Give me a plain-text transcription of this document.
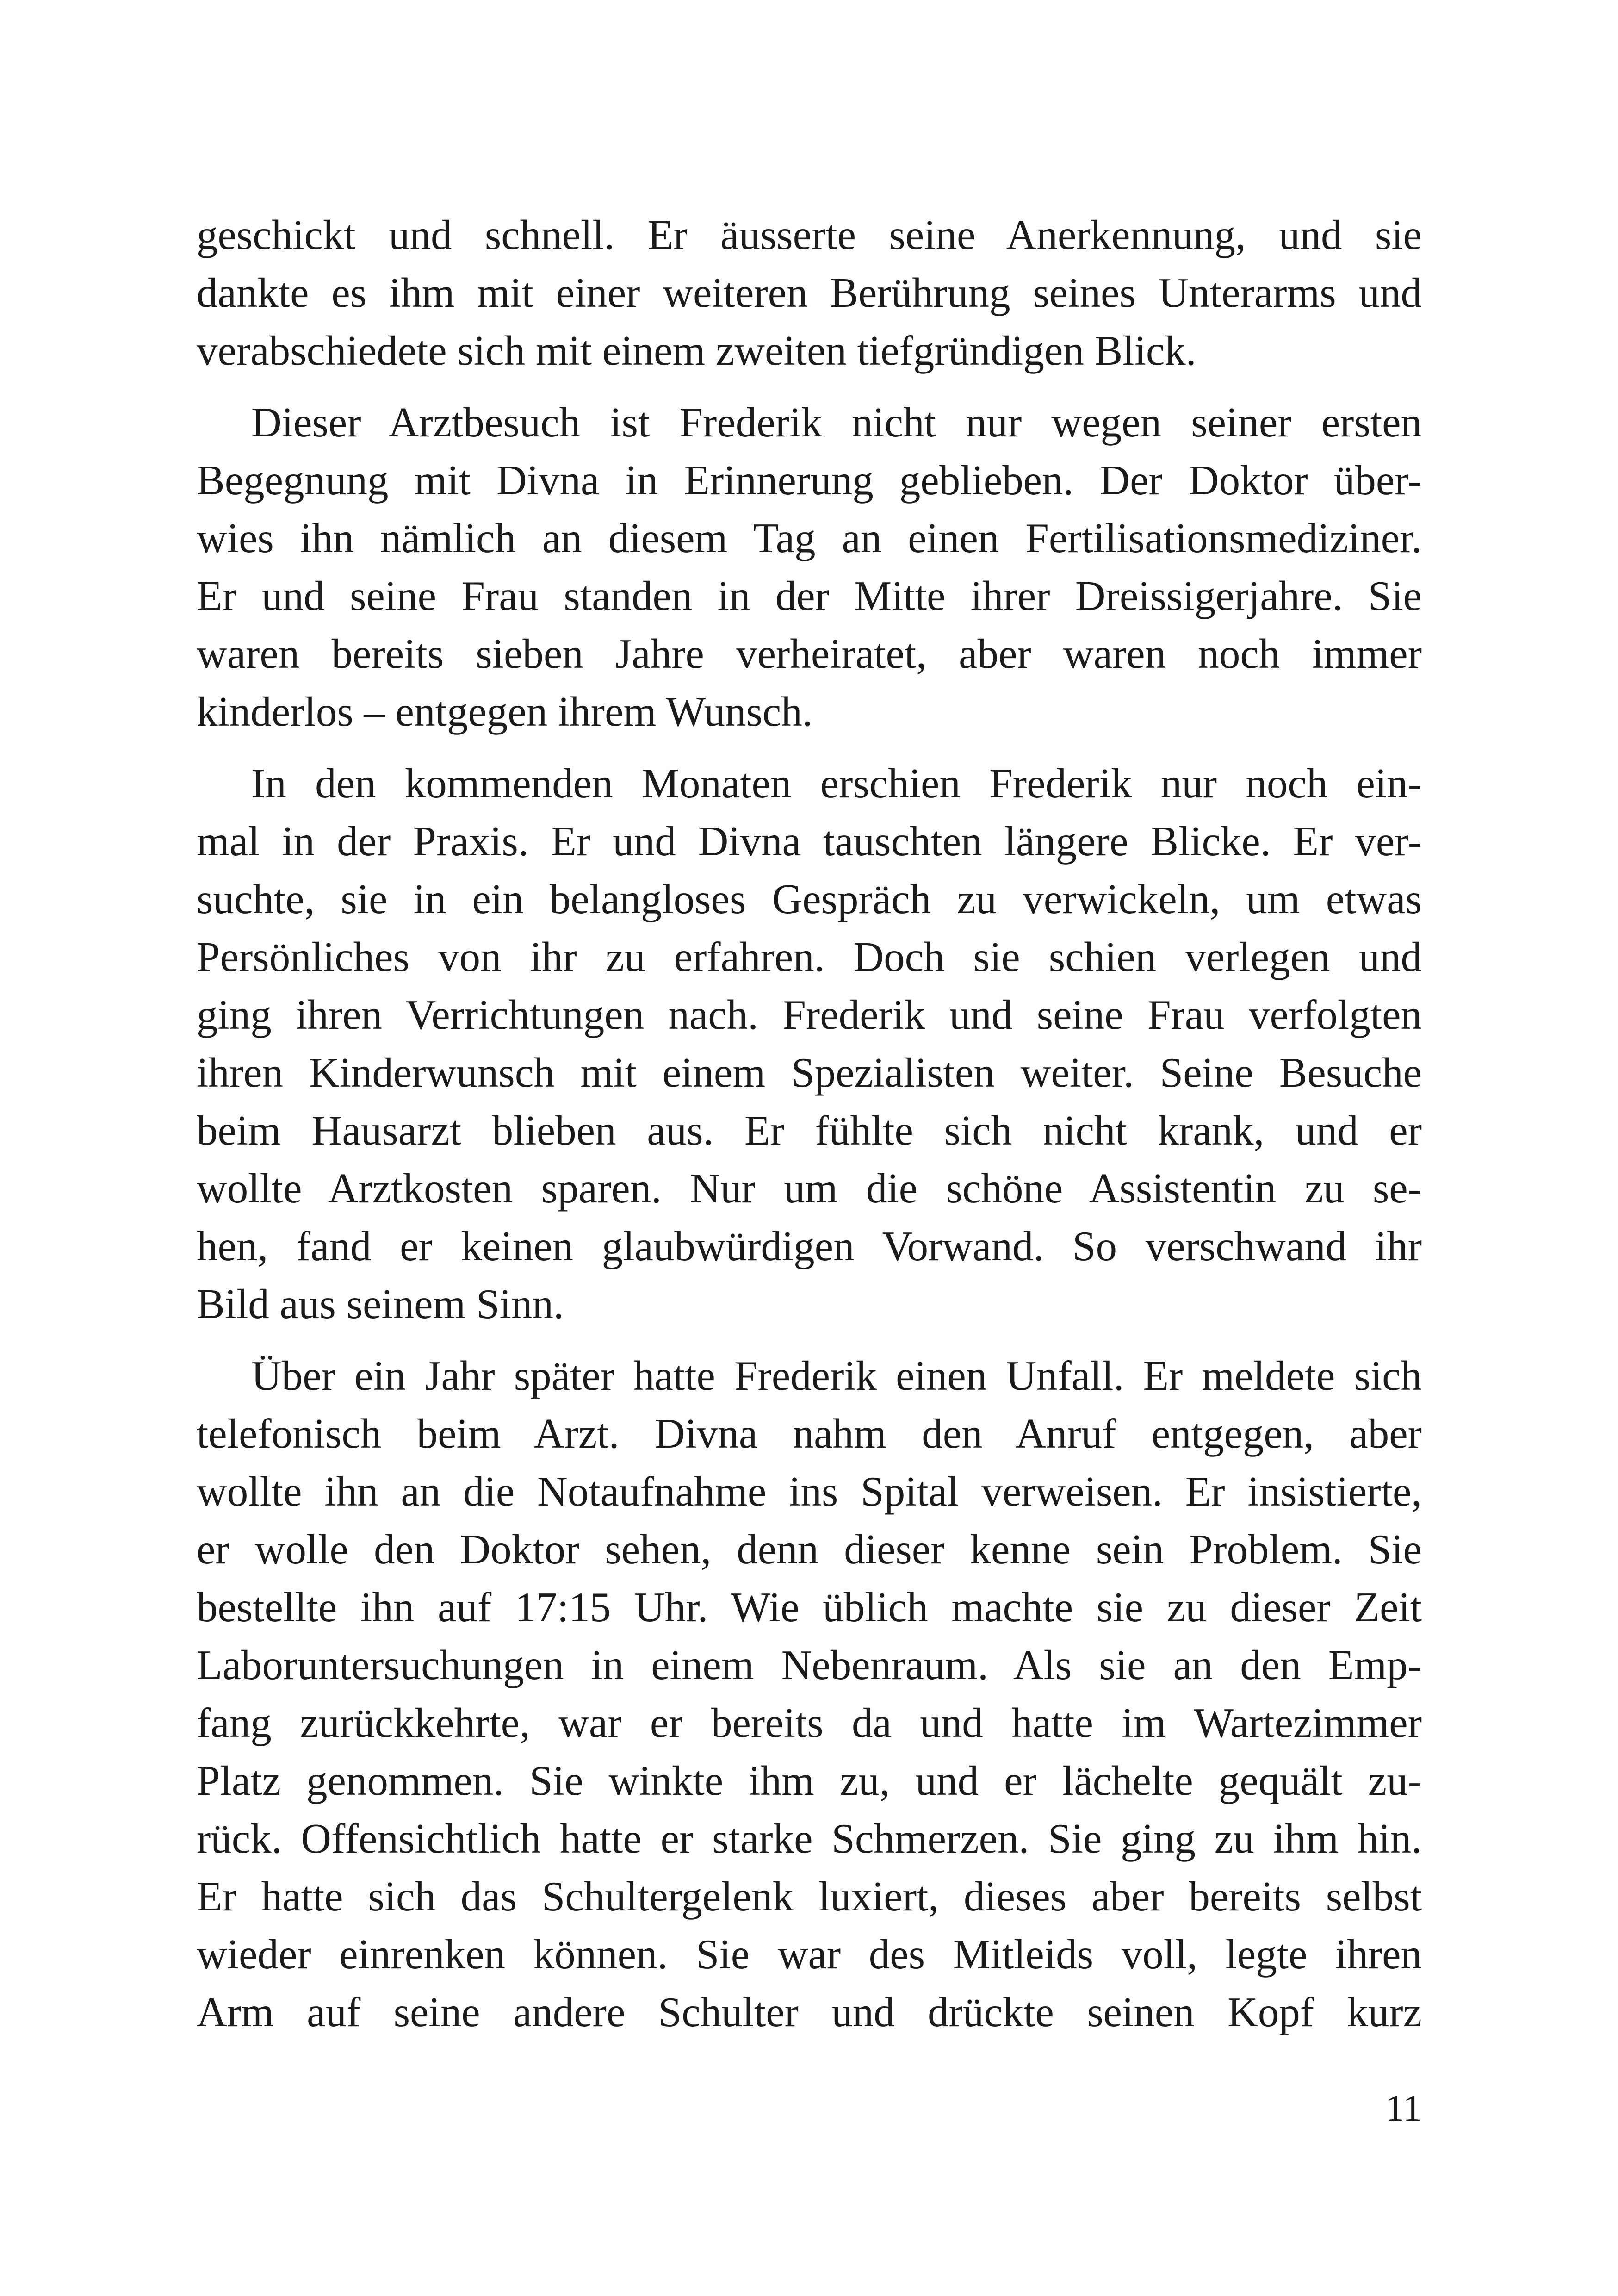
geschickt und schnell. Er äusserte seine Anerkennung, und sie
dankte es ihm mit einer weiteren Berührung seines Unterarms und
verabschiedete sich mit einem zweiten tiefgründigen Blick.
Dieser Arztbesuch ist Frederik nicht nur wegen seiner ersten
Begegnung mit Divna in Erinnerung geblieben. Der Doktor über-
wies ihn nämlich an diesem Tag an einen Fertilisationsmediziner.
Er und seine Frau standen in der Mitte ihrer Dreissigerjahre. Sie
waren bereits sieben Jahre verheiratet, aber waren noch immer
kinderlos – entgegen ihrem Wunsch.
In den kommenden Monaten erschien Frederik nur noch ein-
mal in der Praxis. Er und Divna tauschten längere Blicke. Er ver-
suchte, sie in ein belangloses Gespräch zu verwickeln, um etwas
Persönliches von ihr zu erfahren. Doch sie schien verlegen und
ging ihren Verrichtungen nach. Frederik und seine Frau verfolgten
ihren Kinderwunsch mit einem Spezialisten weiter. Seine Besuche
beim Hausarzt blieben aus. Er fühlte sich nicht krank, und er
wollte Arztkosten sparen. Nur um die schöne Assistentin zu se-
hen, fand er keinen glaubwürdigen Vorwand. So verschwand ihr
Bild aus seinem Sinn.
Über ein Jahr später hatte Frederik einen Unfall. Er meldete sich
telefonisch beim Arzt. Divna nahm den Anruf entgegen, aber
wollte ihn an die Notaufnahme ins Spital verweisen. Er insistierte,
er wolle den Doktor sehen, denn dieser kenne sein Problem. Sie
bestellte ihn auf 17:15 Uhr. Wie üblich machte sie zu dieser Zeit
Laboruntersuchungen in einem Nebenraum. Als sie an den Emp-
fang zurückkehrte, war er bereits da und hatte im Wartezimmer
Platz genommen. Sie winkte ihm zu, und er lächelte gequält zu-
rück. Offensichtlich hatte er starke Schmerzen. Sie ging zu ihm hin.
Er hatte sich das Schultergelenk luxiert, dieses aber bereits selbst
wieder einrenken können. Sie war des Mitleids voll, legte ihren
Arm auf seine andere Schulter und drückte seinen Kopf kurz
11
